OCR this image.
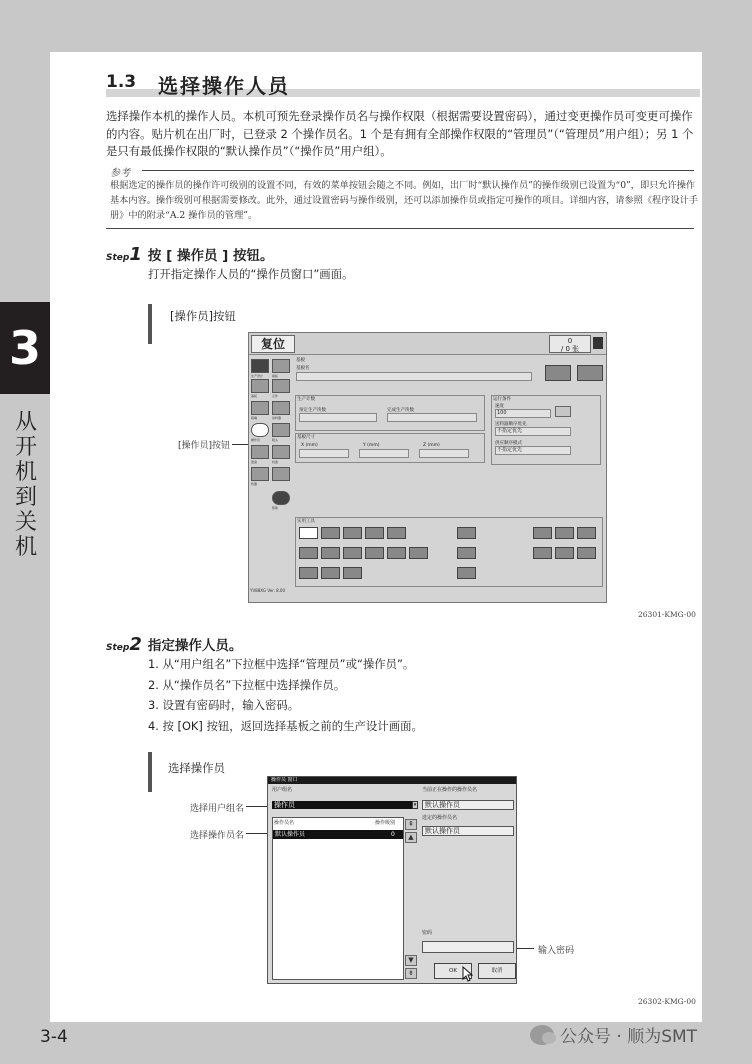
3
从开机到关机
3-4	公众号 · 顺为SMT
1.3 选择操作人员

选择操作本机的操作人员。本机可预先登录操作员名与操作权限（根据需要设置密码），通过变更操作员可变更可操作的内容。贴片机在出厂时，已登录 2 个操作员名。1 个是有拥有全部操作权限的“管理员”（“管理员”用户组）；另 1 个是只有最低操作权限的“默认操作员”（“操作员”用户组）。

参考

根据选定的操作员的操作许可级别的设置不同，有效的菜单按钮会随之不同。例如，出厂时“默认操作员”的操作级别已设置为“0”，即只允许操作基本内容。操作级别可根据需要修改。此外，通过设置密码与操作级别，还可以添加操作员或指定可操作的项目。详细内容，请参照《程序设计手册》中的附录“A.2 操作员的管理”。

Step1 按 [ 操作员 ] 按钮。
打开指定操作人员的“操作员窗口”画面。
[操作员]按钮
[操作员]按钮
复位	0
/ 0 张
生产设计	模板
基板	元件
吸嘴	供料器
操作员	吸头
准备	校准
机器
帮助
基板
基板名
生产计数
预定生产块数	完成生产块数
基板尺寸
X (mm)	Y (mm)	Z (mm)
运行条件
速度
100
送料器顺序优先
不指定优先
供应顺序模式
不指定优先
实用工具
YV88XG Ver. 8.00
26301-KMG-00
Step2 指定操作人员。
1. 从“用户组名”下拉框中选择“管理员”或“操作员”。
2. 从“操作员名”下拉框中选择操作员。
3. 设置有密码时，输入密码。
4. 按 [OK] 按钮，返回选择基板之前的生产设计画面。
选择操作员
选择用户组名
选择操作员名
输入密码
操作员 窗口
用户组名
操作员	▾
操作员名	操作级别
默认操作员	0
⇞
▲
▼
⇟
当前正在操作的操作员名
默认操作员
选定的操作员名
默认操作员
密码
OK	取消
26302-KMG-00
